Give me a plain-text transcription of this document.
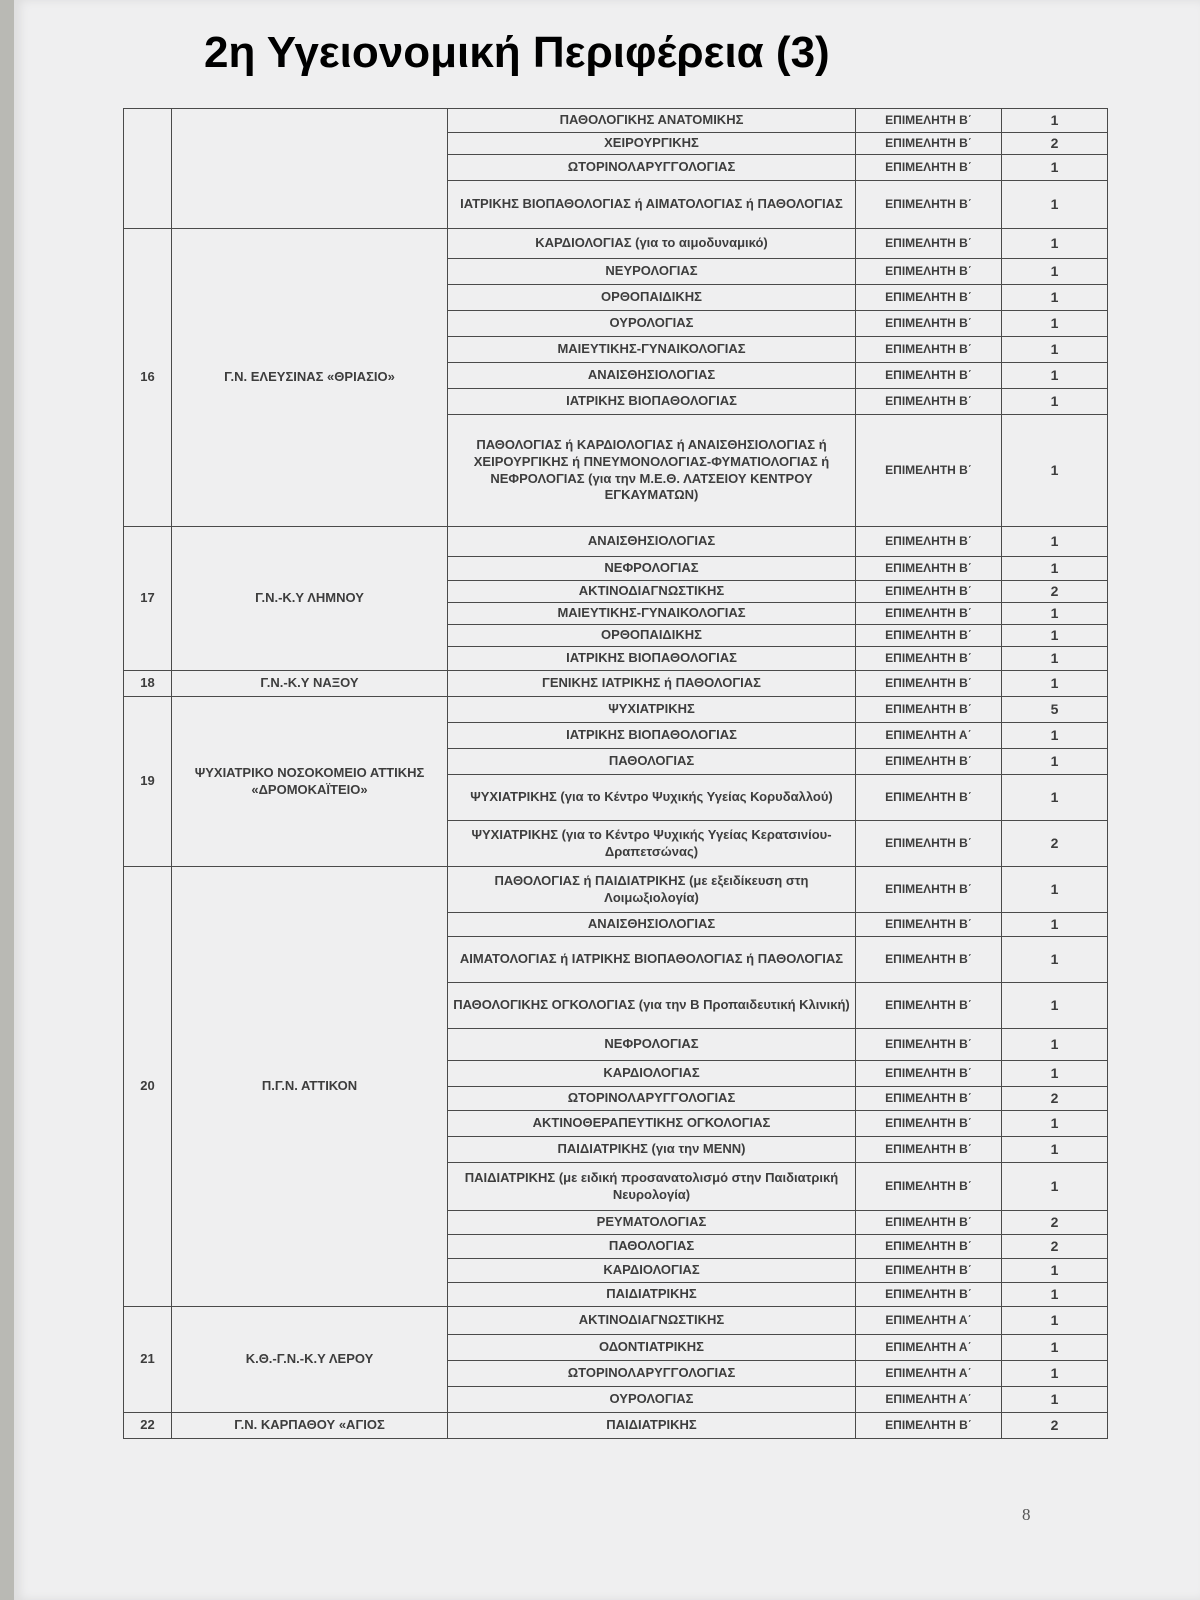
2η Υγειονομική Περιφέρεια (3)
		ΠΑΘΟΛΟΓΙΚΗΣ ΑΝΑΤΟΜΙΚΗΣ	ΕΠΙΜΕΛΗΤΗ Β΄	1
		ΧΕΙΡΟΥΡΓΙΚΗΣ	ΕΠΙΜΕΛΗΤΗ Β΄	2
		ΩΤΟΡΙΝΟΛΑΡΥΓΓΟΛΟΓΙΑΣ	ΕΠΙΜΕΛΗΤΗ Β΄	1
		ΙΑΤΡΙΚΗΣ ΒΙΟΠΑΘΟΛΟΓΙΑΣ ή ΑΙΜΑΤΟΛΟΓΙΑΣ ή ΠΑΘΟΛΟΓΙΑΣ	ΕΠΙΜΕΛΗΤΗ Β΄	1
16	Γ.Ν. ΕΛΕΥΣΙΝΑΣ «ΘΡΙΑΣΙΟ»	ΚΑΡΔΙΟΛΟΓΙΑΣ (για το αιμοδυναμικό)	ΕΠΙΜΕΛΗΤΗ Β΄	1
		ΝΕΥΡΟΛΟΓΙΑΣ	ΕΠΙΜΕΛΗΤΗ Β΄	1
		ΟΡΘΟΠΑΙΔΙΚΗΣ	ΕΠΙΜΕΛΗΤΗ Β΄	1
		ΟΥΡΟΛΟΓΙΑΣ	ΕΠΙΜΕΛΗΤΗ Β΄	1
		ΜΑΙΕΥΤΙΚΗΣ-ΓΥΝΑΙΚΟΛΟΓΙΑΣ	ΕΠΙΜΕΛΗΤΗ Β΄	1
		ΑΝΑΙΣΘΗΣΙΟΛΟΓΙΑΣ	ΕΠΙΜΕΛΗΤΗ Β΄	1
		ΙΑΤΡΙΚΗΣ ΒΙΟΠΑΘΟΛΟΓΙΑΣ	ΕΠΙΜΕΛΗΤΗ Β΄	1
		ΠΑΘΟΛΟΓΙΑΣ ή ΚΑΡΔΙΟΛΟΓΙΑΣ ή ΑΝΑΙΣΘΗΣΙΟΛΟΓΙΑΣ ή ΧΕΙΡΟΥΡΓΙΚΗΣ ή ΠΝΕΥΜΟΝΟΛΟΓΙΑΣ-ΦΥΜΑΤΙΟΛΟΓΙΑΣ ή ΝΕΦΡΟΛΟΓΙΑΣ (για την Μ.Ε.Θ. ΛΑΤΣΕΙΟΥ ΚΕΝΤΡΟΥ ΕΓΚΑΥΜΑΤΩΝ)	ΕΠΙΜΕΛΗΤΗ Β΄	1
17	Γ.Ν.-Κ.Υ ΛΗΜΝΟΥ	ΑΝΑΙΣΘΗΣΙΟΛΟΓΙΑΣ	ΕΠΙΜΕΛΗΤΗ Β΄	1
		ΝΕΦΡΟΛΟΓΙΑΣ	ΕΠΙΜΕΛΗΤΗ Β΄	1
		ΑΚΤΙΝΟΔΙΑΓΝΩΣΤΙΚΗΣ	ΕΠΙΜΕΛΗΤΗ Β΄	2
		ΜΑΙΕΥΤΙΚΗΣ-ΓΥΝΑΙΚΟΛΟΓΙΑΣ	ΕΠΙΜΕΛΗΤΗ Β΄	1
		ΟΡΘΟΠΑΙΔΙΚΗΣ	ΕΠΙΜΕΛΗΤΗ Β΄	1
		ΙΑΤΡΙΚΗΣ ΒΙΟΠΑΘΟΛΟΓΙΑΣ	ΕΠΙΜΕΛΗΤΗ Β΄	1
18	Γ.Ν.-Κ.Υ ΝΑΞΟΥ	ΓΕΝΙΚΗΣ ΙΑΤΡΙΚΗΣ ή ΠΑΘΟΛΟΓΙΑΣ	ΕΠΙΜΕΛΗΤΗ Β΄	1
19	ΨΥΧΙΑΤΡΙΚΟ ΝΟΣΟΚΟΜΕΙΟ ΑΤΤΙΚΗΣ «ΔΡΟΜΟΚΑΪΤΕΙΟ»	ΨΥΧΙΑΤΡΙΚΗΣ	ΕΠΙΜΕΛΗΤΗ Β΄	5
		ΙΑΤΡΙΚΗΣ ΒΙΟΠΑΘΟΛΟΓΙΑΣ	ΕΠΙΜΕΛΗΤΗ Α΄	1
		ΠΑΘΟΛΟΓΙΑΣ	ΕΠΙΜΕΛΗΤΗ Β΄	1
		ΨΥΧΙΑΤΡΙΚΗΣ (για το Κέντρο Ψυχικής Υγείας Κορυδαλλού)	ΕΠΙΜΕΛΗΤΗ Β΄	1
		ΨΥΧΙΑΤΡΙΚΗΣ (για το Κέντρο Ψυχικής Υγείας Κερατσινίου-Δραπετσώνας)	ΕΠΙΜΕΛΗΤΗ Β΄	2
20	Π.Γ.Ν. ΑΤΤΙΚΟΝ	ΠΑΘΟΛΟΓΙΑΣ ή ΠΑΙΔΙΑΤΡΙΚΗΣ (με εξειδίκευση στη Λοιμωξιολογία)	ΕΠΙΜΕΛΗΤΗ Β΄	1
		ΑΝΑΙΣΘΗΣΙΟΛΟΓΙΑΣ	ΕΠΙΜΕΛΗΤΗ Β΄	1
		ΑΙΜΑΤΟΛΟΓΙΑΣ ή ΙΑΤΡΙΚΗΣ ΒΙΟΠΑΘΟΛΟΓΙΑΣ ή ΠΑΘΟΛΟΓΙΑΣ	ΕΠΙΜΕΛΗΤΗ Β΄	1
		ΠΑΘΟΛΟΓΙΚΗΣ ΟΓΚΟΛΟΓΙΑΣ (για την Β Προπαιδευτική Κλινική)	ΕΠΙΜΕΛΗΤΗ Β΄	1
		ΝΕΦΡΟΛΟΓΙΑΣ	ΕΠΙΜΕΛΗΤΗ Β΄	1
		ΚΑΡΔΙΟΛΟΓΙΑΣ	ΕΠΙΜΕΛΗΤΗ Β΄	1
		ΩΤΟΡΙΝΟΛΑΡΥΓΓΟΛΟΓΙΑΣ	ΕΠΙΜΕΛΗΤΗ Β΄	2
		ΑΚΤΙΝΟΘΕΡΑΠΕΥΤΙΚΗΣ ΟΓΚΟΛΟΓΙΑΣ	ΕΠΙΜΕΛΗΤΗ Β΄	1
		ΠΑΙΔΙΑΤΡΙΚΗΣ (για την ΜΕΝΝ)	ΕΠΙΜΕΛΗΤΗ Β΄	1
		ΠΑΙΔΙΑΤΡΙΚΗΣ (με ειδική προσανατολισμό στην Παιδιατρική Νευρολογία)	ΕΠΙΜΕΛΗΤΗ Β΄	1
		ΡΕΥΜΑΤΟΛΟΓΙΑΣ	ΕΠΙΜΕΛΗΤΗ Β΄	2
		ΠΑΘΟΛΟΓΙΑΣ	ΕΠΙΜΕΛΗΤΗ Β΄	2
		ΚΑΡΔΙΟΛΟΓΙΑΣ	ΕΠΙΜΕΛΗΤΗ Β΄	1
		ΠΑΙΔΙΑΤΡΙΚΗΣ	ΕΠΙΜΕΛΗΤΗ Β΄	1
21	Κ.Θ.-Γ.Ν.-Κ.Υ ΛΕΡΟΥ	ΑΚΤΙΝΟΔΙΑΓΝΩΣΤΙΚΗΣ	ΕΠΙΜΕΛΗΤΗ Α΄	1
		ΟΔΟΝΤΙΑΤΡΙΚΗΣ	ΕΠΙΜΕΛΗΤΗ Α΄	1
		ΩΤΟΡΙΝΟΛΑΡΥΓΓΟΛΟΓΙΑΣ	ΕΠΙΜΕΛΗΤΗ Α΄	1
		ΟΥΡΟΛΟΓΙΑΣ	ΕΠΙΜΕΛΗΤΗ Α΄	1
22	Γ.Ν. ΚΑΡΠΑΘΟΥ «ΑΓΙΟΣ	ΠΑΙΔΙΑΤΡΙΚΗΣ	ΕΠΙΜΕΛΗΤΗ Β΄	2
8
